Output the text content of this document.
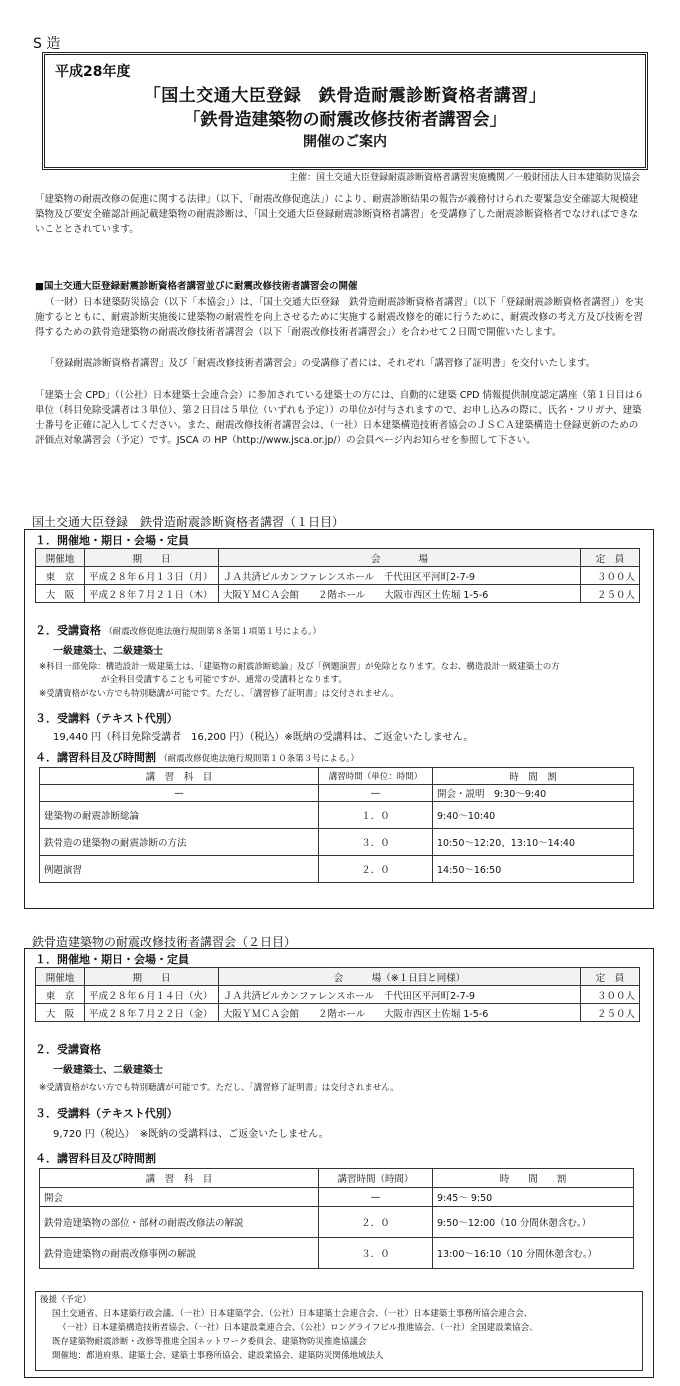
S 造
平成28年度
「国土交通大臣登録　鉄骨造耐震診断資格者講習」
「鉄骨造建築物の耐震改修技術者講習会」
開催のご案内
主催：国土交通大臣登録耐震診断資格者講習実施機関／一般財団法人日本建築防災協会
「建築物の耐震改修の促進に関する法律」（以下、「耐震改修促進法」）により、耐震診断結果の報告が義務付けられた要緊急安全確認大規模建築物及び要安全確認計画記載建築物の耐震診断は、「国土交通大臣登録耐震診断資格者講習」を受講修了した耐震診断資格者でなければできないこととされています。
■国土交通大臣登録耐震診断資格者講習並びに耐震改修技術者講習会の開催
（一財）日本建築防災協会（以下「本協会」）は、「国土交通大臣登録　鉄骨造耐震診断資格者講習」（以下「登録耐震診断資格者講習」）を実施するとともに、耐震診断実施後に建築物の耐震性を向上させるために実施する耐震改修を的確に行うために、耐震改修の考え方及び技術を習得するための鉄骨造建築物の耐震改修技術者講習会（以下「耐震改修技術者講習会」）を合わせて２日間で開催いたします。
「登録耐震診断資格者講習」及び「耐震改修技術者講習会」の受講修了者には、それぞれ「講習修了証明書」を交付いたします。
「建築士会 CPD」（（公社）日本建築士会連合会）に参加されている建築士の方には、自動的に建築 CPD 情報提供制度認定講座（第１日目は６単位（科目免除受講者は３単位）、第２日目は５単位（いずれも予定））の単位が付与されますので、お申し込みの際に、氏名・フリガナ、建築士番号を正確に記入してください。また、耐震改修技術者講習会は、（一社）日本建築構造技術者協会のＪＳＣＡ建築構造士登録更新のための評価点対象講習会（予定）です。JSCA の HP（http://www.jsca.or.jp/）の会員ページ内お知らせを参照して下さい。
国土交通大臣登録　鉄骨造耐震診断資格者講習（１日目）
１．開催地・期日・会場・定員
開催地	期　　日	会　　　　場	定　員
東　京	平成２８年６月１３日（月）	ＪＡ共済ビルカンファレンスホール　千代田区平河町2-7-9	３００人
大　阪	平成２８年７月２１日（木）	大阪ＹＭＣＡ会館　　２階ホール　　大阪市西区土佐堀 1-5-6	２５０人
２．受講資格 （耐震改修促進法施行規則第８条第１項第１号による。）
一級建築士、二級建築士
※科目一部免除：構造設計一級建築士は、「建築物の耐震診断総論」及び「例題演習」が免除となります。なお、構造設計一級建築士の方
が全科目受講することも可能ですが、通常の受講料となります。
※受講資格がない方でも特別聴講が可能です。ただし、「講習修了証明書」は交付されません。
３．受講料（テキスト代別）
19,440 円（科目免除受講者　16,200 円）（税込）※既納の受講料は、ご返金いたしません。
４．講習科目及び時間割 （耐震改修促進法施行規則第１０条第３号による。）
講　習　科　目	講習時間（単位：時間）	時　間　割
—	—	開会・説明　9:30〜9:40
建築物の耐震診断総論	１．０	9:40〜10:40
鉄骨造の建築物の耐震診断の方法	３．０	10:50〜12:20、13:10〜14:40
例題演習	２．０	14:50〜16:50
鉄骨造建築物の耐震改修技術者講習会（２日目）
１．開催地・期日・会場・定員
開催地	期　　日	会　　　場（※１日目と同様）	定　員
東　京	平成２８年６月１４日（火）	ＪＡ共済ビルカンファレンスホール　千代田区平河町2-7-9	３００人
大　阪	平成２８年７月２２日（金）	大阪ＹＭＣＡ会館　　２階ホール　　大阪市西区土佐堀 1-5-6	２５０人
２．受講資格
一級建築士、二級建築士
※受講資格がない方でも特別聴講が可能です。ただし、「講習修了証明書」は交付されません。
３．受講料（テキスト代別）
9,720 円（税込）　※既納の受講料は、ご返金いたしません。
４．講習科目及び時間割
講　習　科　目	講習時間（時間）	時　　間　　割
開会	—	9:45〜 9:50
鉄骨造建築物の部位・部材の耐震改修法の解説	２．０	9:50〜12:00（10 分間休憩含む。）
鉄骨造建築物の耐震改修事例の解説	３．０	13:00〜16:10（10 分間休憩含む。）
後援（予定）
国土交通省、日本建築行政会議、（一社）日本建築学会、（公社）日本建築士会連合会、（一社）日本建築士事務所協会連合会、
（一社）日本建築構造技術者協会、（一社）日本建設業連合会、（公社）ロングライフビル推進協会、（一社）全国建設業協会、
既存建築物耐震診断・改修等推進全国ネットワーク委員会、建築物防災推進協議会
開催地：都道府県、建築士会、建築士事務所協会、建設業協会、建築防災関係地域法人
